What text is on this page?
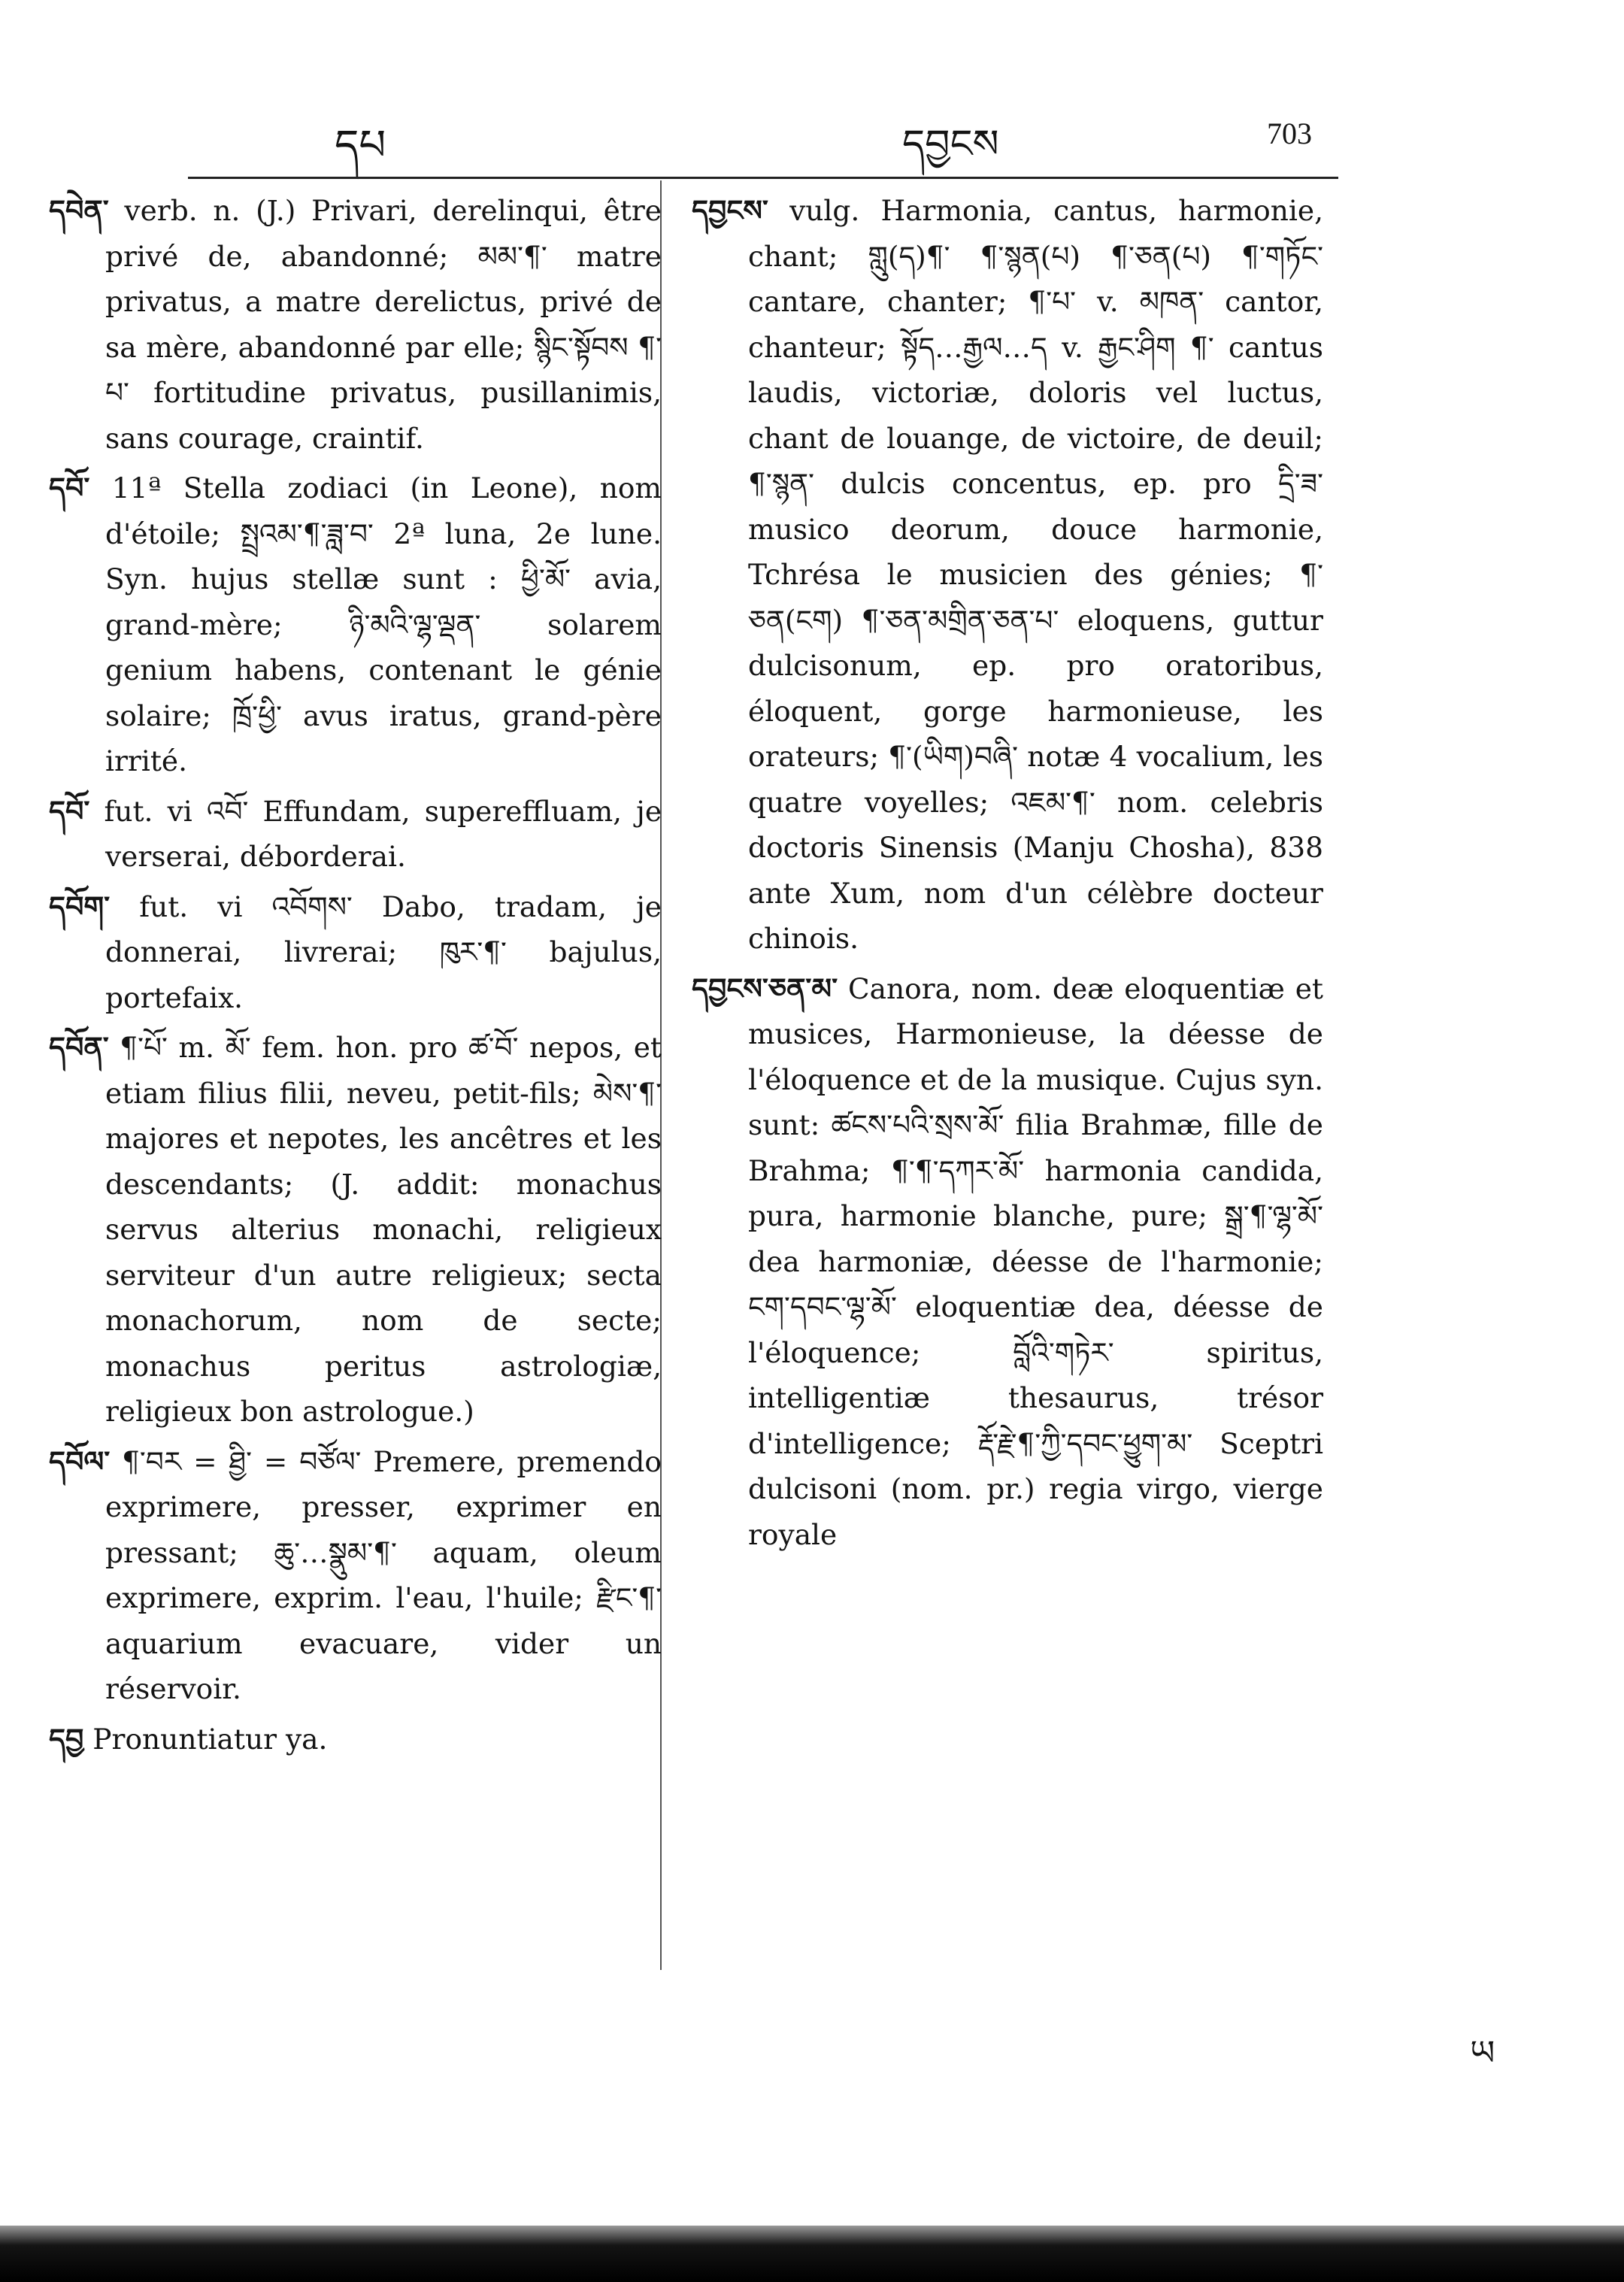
དཔ	དབྱངས	703

དབེན་ verb. n. (J.) Privari, derelinqui, être privé de, abandonné; མམ་¶་ matre privatus, a matre derelictus, privé de sa mère, abandonné par elle; སྙིང་སྟོབས ¶་པ་ fortitudine privatus, pusillanimis, sans courage, craintif.

དབོ་ 11ª Stella zodiaci (in Leone), nom d'étoile; སྤྲའམ་¶་ཟླ་བ་ 2ª luna, 2e lune. Syn. hujus stellæ sunt : ཕྱི་མོ་ avia, grand-mère; ཉི་མའི་ལྷ་ལྡན་ solarem genium habens, contenant le génie solaire; ཁྲོ་ཕྱི་ avus iratus, grand-père irrité.

དབོ་ fut. vi འབོ་ Effundam, supereffluam, je verserai, déborderai.

དབོག་ fut. vi འབོགས་ Dabo, tradam, je donnerai, livrerai; ཁུར་¶་ bajulus, portefaix.

དབོན་ ¶་པོ་ m. མོ་ fem. hon. pro ཚ་བོ་ nepos, et etiam filius filii, neveu, petit-fils; མེས་¶་ majores et nepotes, les ancêtres et les descendants; (J. addit: monachus servus alterius monachi, religieux serviteur d'un autre religieux; secta monachorum, nom de secte; monachus peritus astrologiæ, religieux bon astrologue.)

དབོལ་ ¶་བར = ཐྱི་ = བཙོལ་ Premere, premendo exprimere, presser, exprimer en pressant; ཆུ་…སྣུམ་¶་ aquam, oleum exprimere, exprim. l'eau, l'huile; རྫིང་¶་ aquarium evacuare, vider un réservoir.

དབྱ Pronuntiatur ya.

དབྱངས་ vulg. Harmonia, cantus, harmonie, chant; གླུ(ད)¶་ ¶་སྙན(པ) ¶་ཅན(པ) ¶་གཏོང་ cantare, chanter; ¶་པ་ v. མཁན་ cantor, chanteur; སྟོད…རྒྱལ…ད v. རྒྱང་ཤིག ¶་ cantus laudis, victoriæ, doloris vel luctus, chant de louange, de victoire, de deuil; ¶་སྙན་ dulcis concentus, ep. pro དྲི་ཟ་ musico deorum, douce harmonie, Tchrésa le musicien des génies; ¶་ཅན(ངག) ¶་ཅན་མགྲིན་ཅན་པ་ eloquens, guttur dulcisonum, ep. pro oratoribus, éloquent, gorge harmonieuse, les orateurs; ¶་(ཡིག)བཞི་ notæ 4 vocalium, les quatre voyelles; འཇམ་¶་ nom. celebris doctoris Sinensis (Manju Chosha), 838 ante Xum, nom d'un célèbre docteur chinois.

དབྱངས་ཅན་མ་ Canora, nom. deæ eloquentiæ et musices, Harmonieuse, la déesse de l'éloquence et de la musique. Cujus syn. sunt: ཚངས་པའི་སྲས་མོ་ filia Brahmæ, fille de Brahma; ¶་¶་དཀར་མོ་ harmonia candida, pura, harmonie blanche, pure; སྒྲ་¶་ལྷ་མོ་ dea harmoniæ, déesse de l'harmonie; ངག་དབང་ལྷ་མོ་ eloquentiæ dea, déesse de l'éloquence; བློའི་གཏེར་ spiritus, intelligentiæ thesaurus, trésor d'intelligence; རྡོ་རྗེ་¶་ཀྱི་དབང་ཕྱུག་མ་ Sceptri dulcisoni (nom. pr.) regia virgo, vierge royale

ཡ
